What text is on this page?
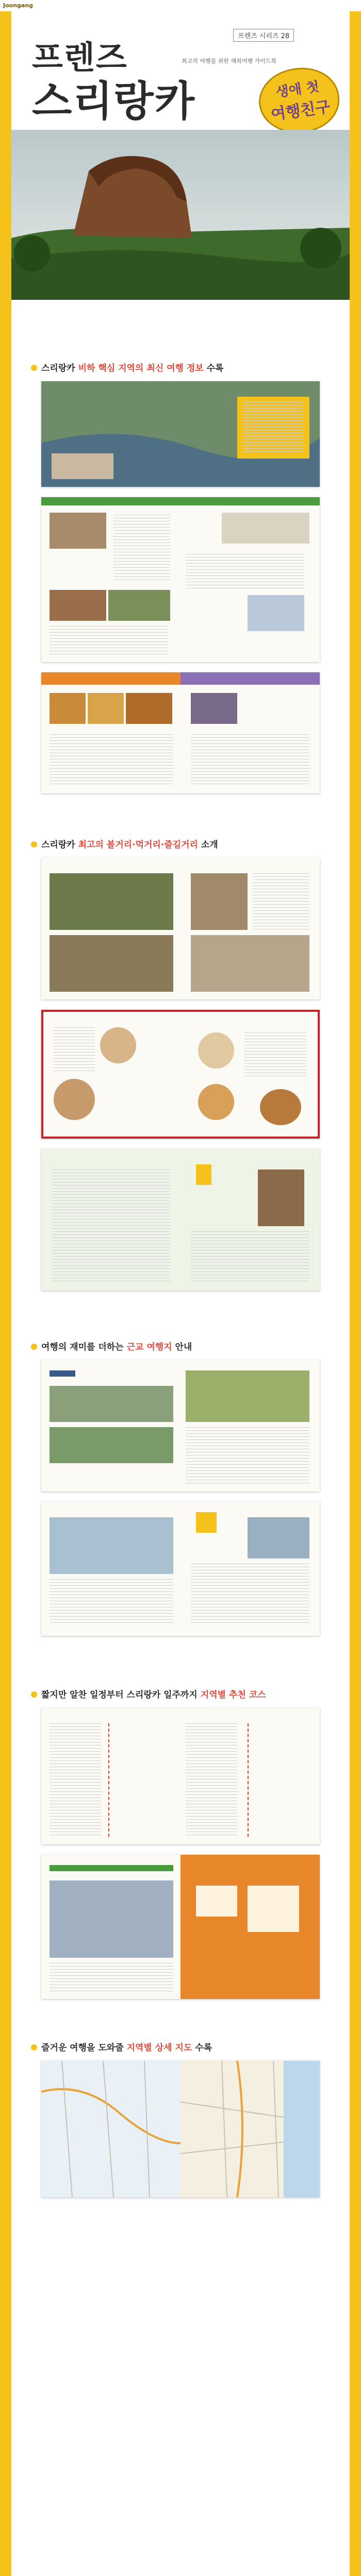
Joongang
프렌즈 시리즈 28
프렌즈
스리랑카
최고의 여행을 위한 해외여행 가이드북
생애 첫
여행친구
스리랑카 비하 핵심 지역의 최신 여행 정보 수록
스리랑카 최고의 볼거리·먹거리·즐길거리 소개
여행의 재미를 더하는 근교 여행지 안내
짧지만 알찬 일정부터 스리랑카 일주까지 지역별 추천 코스
즐거운 여행을 도와줄 지역별 상세 지도 수록
